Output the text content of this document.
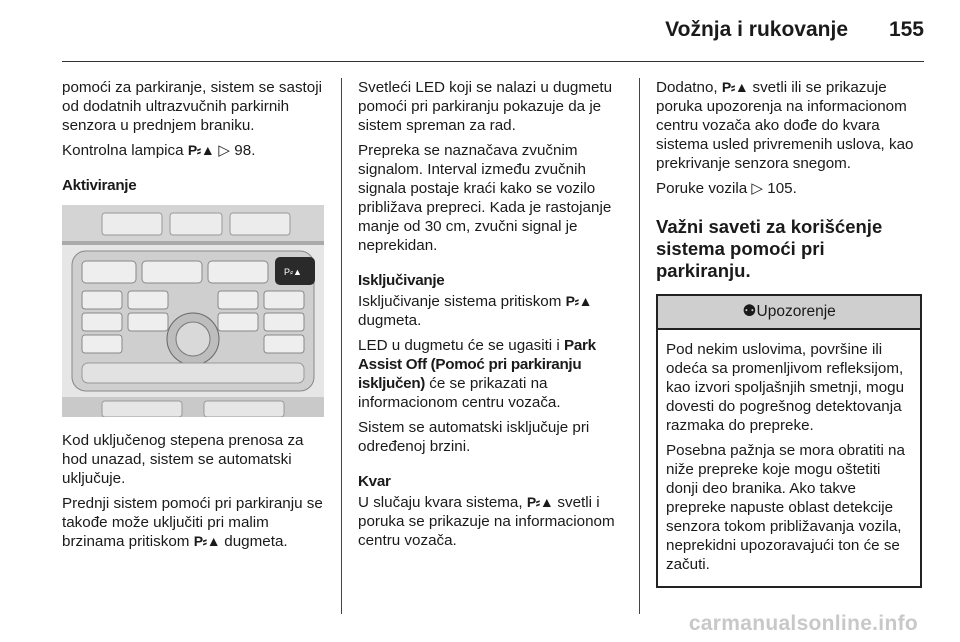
Vožnja i rukovanje 155

pomoći za parkiranje, sistem se sastoji od dodatnih ultrazvučnih parkirnih senzora u prednjem braniku.

Kontrolna lampica P⸗▲ ▷ 98.

Aktiviranje
P⸗▲

Kod uključenog stepena prenosa za hod unazad, sistem se automatski uključuje.

Prednji sistem pomoći pri parkiranju se takođe može uključiti pri malim brzinama pritiskom P⸗▲ dugmeta.

Svetleći LED koji se nalazi u dugmetu pomoći pri parkiranju pokazuje da je sistem spreman za rad.

Prepreka se naznačava zvučnim signalom. Interval između zvučnih signala postaje kraći kako se vozilo približava prepreci. Kada je rastojanje manje od 30 cm, zvučni signal je neprekidan.

Isključivanje

Isključivanje sistema pritiskom P⸗▲ dugmeta.

LED u dugmetu će se ugasiti i Park Assist Off (Pomoć pri parkiranju isključen) će se prikazati na informacionom centru vozača.

Sistem se automatski isključuje pri određenoj brzini.

Kvar

U slučaju kvara sistema, P⸗▲ svetli i poruka se prikazuje na informacionom centru vozača.

Dodatno, P⸗▲ svetli ili se prikazuje poruka upozorenja na informacionom centru vozača ako dođe do kvara sistema usled privremenih uslova, kao prekrivanje senzora snegom.

Poruke vozila ▷ 105.

Važni saveti za korišćenje sistema pomoći pri parkiranju.
⚉Upozorenje

Pod nekim uslovima, površine ili odeća sa promenljivom refleksijom, kao izvori spoljašnjih smetnji, mogu dovesti do pogrešnog detektovanja razmaka do prepreke.

Posebna pažnja se mora obratiti na niže prepreke koje mogu oštetiti donji deo branika. Ako takve prepreke napuste oblast detekcije senzora tokom približavanja vozila, neprekidni upozoravajući ton će se začuti.

carmanualsonline.info
